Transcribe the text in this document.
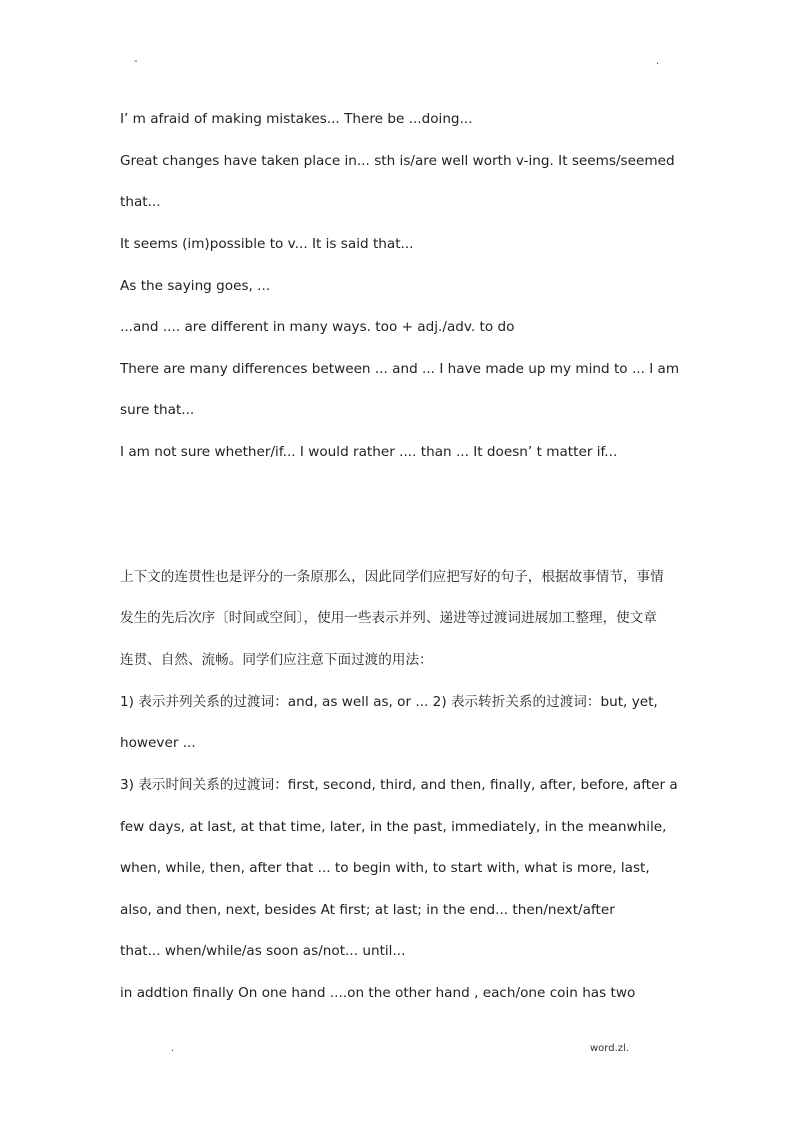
-	.
I’ m afraid of making mistakes... There be ...doing...
Great changes have taken place in... sth is/are well worth v-ing. It seems/seemed
that...
It seems (im)possible to v... It is said that...
As the saying goes, ...
...and .... are different in many ways. too + adj./adv. to do
There are many differences between ... and ... I have made up my mind to ... I am
sure that...
I am not sure whether/if... I would rather .... than ... It doesn’ t matter if...
上下文的连贯性也是评分的一条原那么，因此同学们应把写好的句子，根据故事情节，事情
发生的先后次序〔时间或空间〕，使用一些表示并列、递进等过渡词进展加工整理，使文章
连贯、自然、流畅。同学们应注意下面过渡的用法：
1) 表示并列关系的过渡词：and, as well as, or ... 2) 表示转折关系的过渡词：but, yet,
however ...
3) 表示时间关系的过渡词：first, second, third, and then, finally, after, before, after a
few days, at last, at that time, later, in the past, immediately, in the meanwhile,
when, while, then, after that ... to begin with, to start with, what is more, last,
also, and then, next, besides At first; at last; in the end... then/next/after
that... when/while/as soon as/not... until...
in addtion finally On one hand ....on the other hand , each/one coin has two
.	word.zl.
